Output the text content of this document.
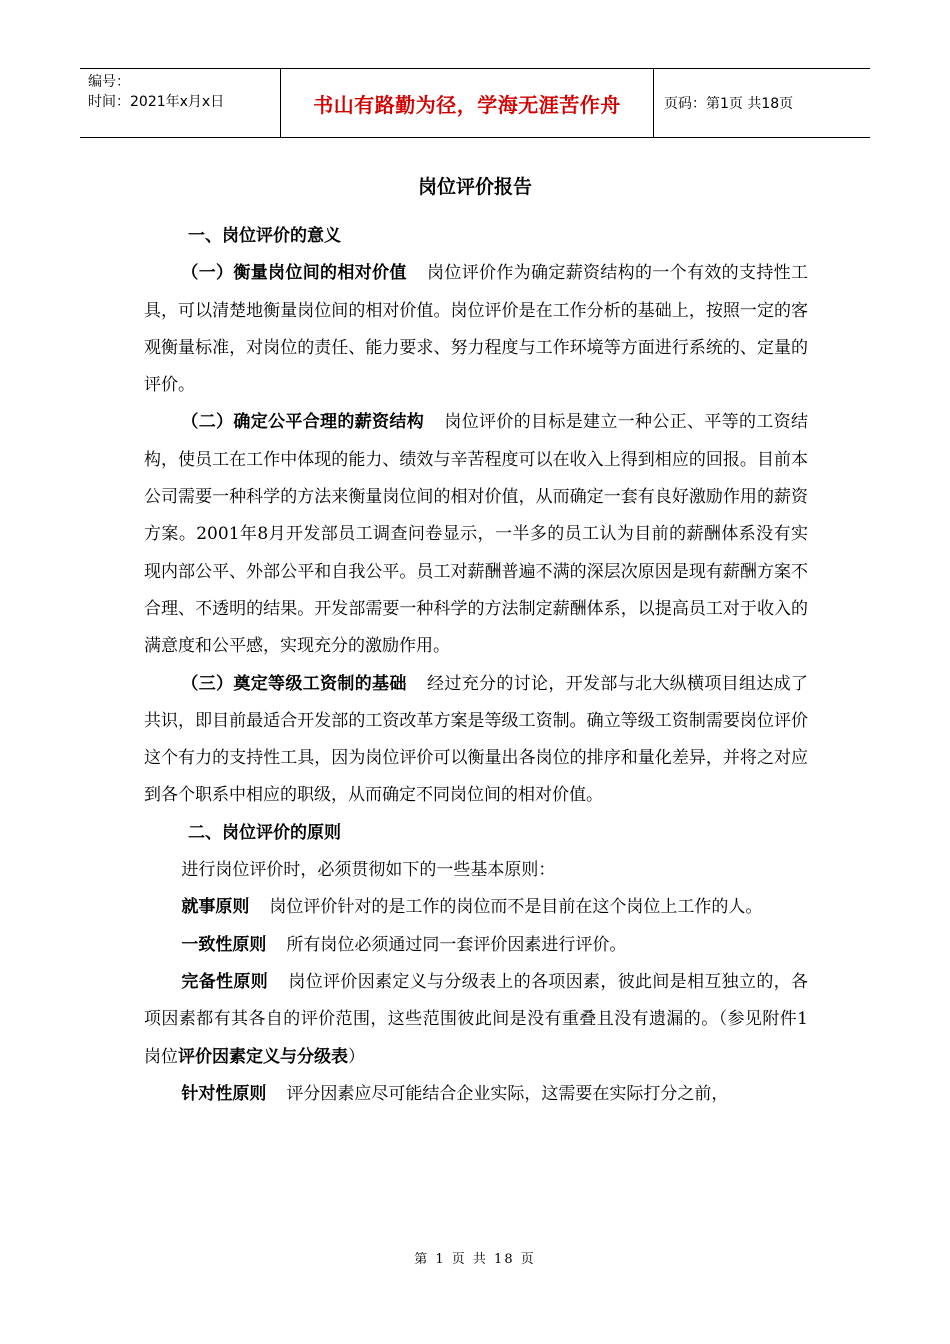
编号：
时间：2021年x月x日	书山有路勤为径，学海无涯苦作舟	页码：第1页 共18页
岗位评价报告

一、岗位评价的意义

（一）衡量岗位间的相对价值 岗位评价作为确定薪资结构的一个有效的支持性工具，可以清楚地衡量岗位间的相对价值。岗位评价是在工作分析的基础上，按照一定的客观衡量标准，对岗位的责任、能力要求、努力程度与工作环境等方面进行系统的、定量的评价。

（二）确定公平合理的薪资结构 岗位评价的目标是建立一种公正、平等的工资结构，使员工在工作中体现的能力、绩效与辛苦程度可以在收入上得到相应的回报。目前本公司需要一种科学的方法来衡量岗位间的相对价值，从而确定一套有良好激励作用的薪资方案。2001年8月开发部员工调查问卷显示，一半多的员工认为目前的薪酬体系没有实现内部公平、外部公平和自我公平。员工对薪酬普遍不满的深层次原因是现有薪酬方案不合理、不透明的结果。开发部需要一种科学的方法制定薪酬体系，以提高员工对于收入的满意度和公平感，实现充分的激励作用。

（三）奠定等级工资制的基础 经过充分的讨论，开发部与北大纵横项目组达成了共识，即目前最适合开发部的工资改革方案是等级工资制。确立等级工资制需要岗位评价这个有力的支持性工具，因为岗位评价可以衡量出各岗位的排序和量化差异，并将之对应到各个职系中相应的职级，从而确定不同岗位间的相对价值。

二、岗位评价的原则

进行岗位评价时，必须贯彻如下的一些基本原则：

就事原则 岗位评价针对的是工作的岗位而不是目前在这个岗位上工作的人。

一致性原则 所有岗位必须通过同一套评价因素进行评价。

完备性原则 岗位评价因素定义与分级表上的各项因素，彼此间是相互独立的，各项因素都有其各自的评价范围，这些范围彼此间是没有重叠且没有遗漏的。（参见附件1 岗位评价因素定义与分级表）

针对性原则 评分因素应尽可能结合企业实际，这需要在实际打分之前，

第 1 页 共 18 页
